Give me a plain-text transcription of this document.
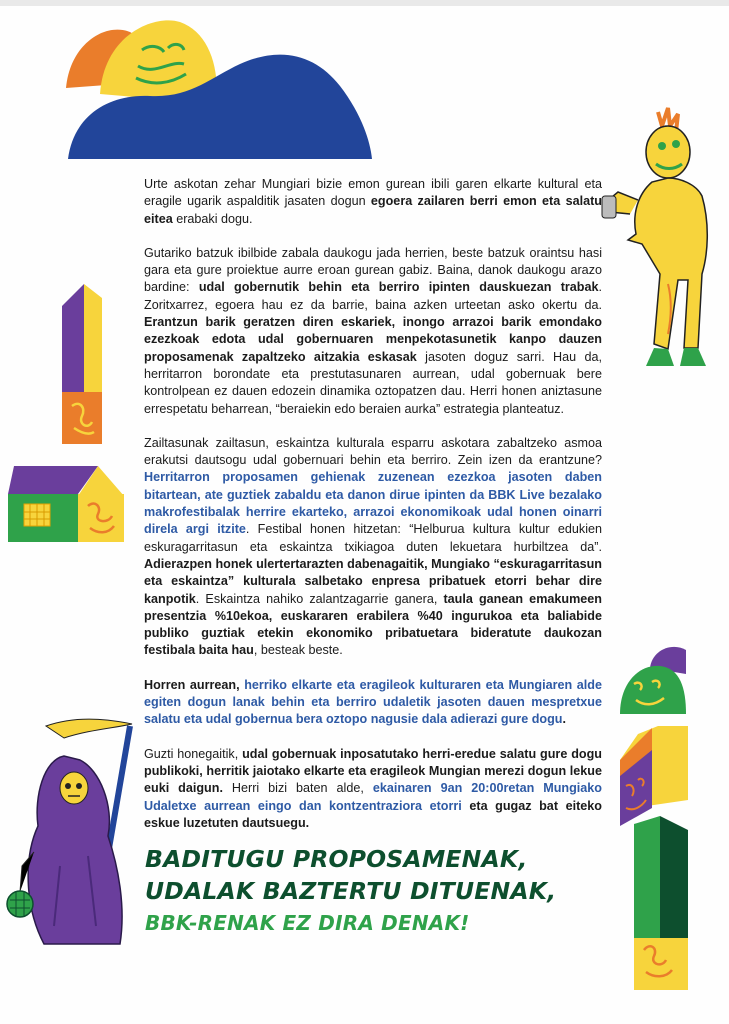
Urte askotan zehar Mungiari bizie emon gurean ibili garen elkarte kultural eta eragile ugarik aspalditik jasaten dogun egoera zailaren berri emon eta salatu eitea erabaki dogu.

Gutariko batzuk ibilbide zabala daukogu jada herrien, beste batzuk oraintsu hasi gara eta gure proiektue aurre eroan gurean gabiz. Baina, danok daukogu arazo bardine: udal gobernutik behin eta berriro ipinten dauskuezan trabak. Zoritxarrez, egoera hau ez da barrie, baina azken urteetan asko okertu da. Erantzun barik geratzen diren eskariek, inongo arrazoi barik emondako ezezkoak edota udal gobernuaren menpekotasunetik kanpo dauzen proposamenak zapaltzeko aitzakia eskasak jasoten doguz sarri. Hau da, herritarron borondate eta prestutasunaren aurrean, udal gobernuak bere kontrolpean ez dauen edozein dinamika oztopatzen dau. Herri honen aniztasune errespetatu beharrean, “beraiekin edo beraien aurka” estrategia planteatuz.

Zailtasunak zailtasun, eskaintza kulturala esparru askotara zabaltzeko asmoa erakutsi dautsogu udal gobernuari behin eta berriro. Zein izen da erantzune? Herritarron proposamen gehienak zuzenean ezezkoa jasoten daben bitartean, ate guztiek zabaldu eta danon dirue ipinten da BBK Live bezalako makrofestibalak herrire ekarteko, arrazoi ekonomikoak udal honen oinarri direla argi itzite. Festibal honen hitzetan: “Helburua kultura kultur edukien eskuragarritasun eta eskaintza txikiagoa duten lekuetara hurbiltzea da”. Adierazpen honek ulertertarazten dabenagaitik, Mungiako “eskuragarritasun eta eskaintza” kulturala salbetako enpresa pribatuek etorri behar dire kanpotik. Eskaintza nahiko zalantzagarrie ganera, taula ganean emakumeen presentzia %10ekoa, euskararen erabilera %40 ingurukoa eta baliabide publiko guztiak etekin ekonomiko pribatuetara bideratute daukozan festibala baita hau, besteak beste.

Horren aurrean, herriko elkarte eta eragileok kulturaren eta Mungiaren alde egiten dogun lanak behin eta berriro udaletik jasoten dauen mespretxue salatu eta udal gobernua bera oztopo nagusie dala adierazi gure dogu.

Guzti honegaitik, udal gobernuak inposatutako herri-eredue salatu gure dogu publikoki, herritik jaiotako elkarte eta eragileok Mungian merezi dogun lekue euki daigun. Herri bizi baten alde, ekainaren 9an 20:00retan Mungiako Udaletxe aurrean eingo dan kontzentraziora etorri eta gugaz bat eiteko eskue luzetuten dautsuegu.

BADITUGU PROPOSAMENAK,
UDALAK BAZTERTU DITUENAK,
BBK-RENAK EZ DIRA DENAK!
